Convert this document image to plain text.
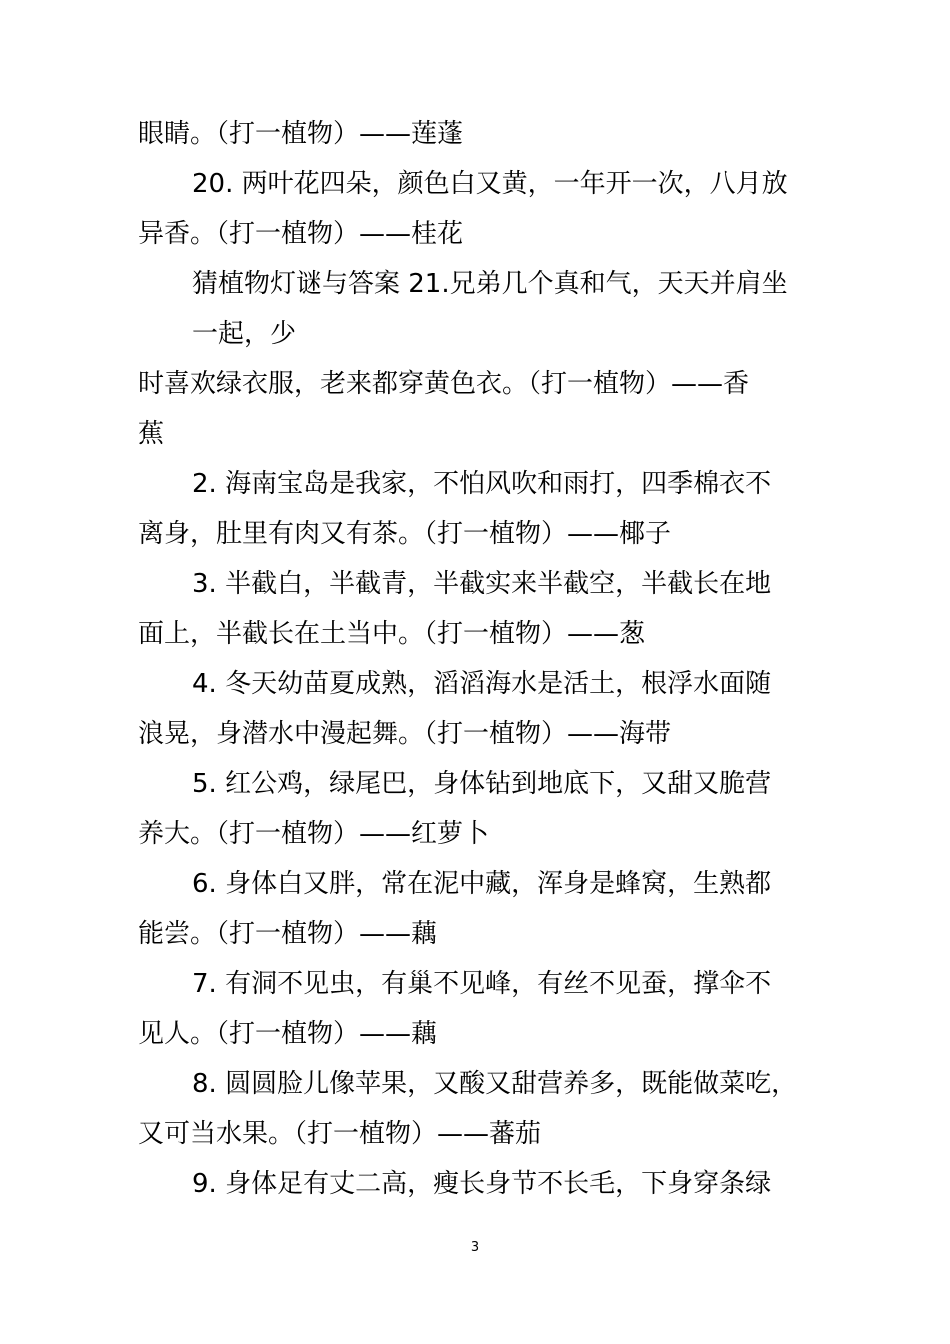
眼睛。（打一植物）——莲蓬
20. 两叶花四朵，颜色白又黄，一年开一次，八月放
异香。（打一植物）——桂花
猜植物灯谜与答案 21.兄弟几个真和气，天天并肩坐
一起，少
时喜欢绿衣服，老来都穿黄色衣。（打一植物）——香
蕉
2. 海南宝岛是我家，不怕风吹和雨打，四季棉衣不
离身，肚里有肉又有茶。（打一植物）——椰子
3. 半截白，半截青，半截实来半截空，半截长在地
面上，半截长在土当中。（打一植物）——葱
4. 冬天幼苗夏成熟，滔滔海水是活土，根浮水面随
浪晃，身潜水中漫起舞。（打一植物）——海带
5. 红公鸡，绿尾巴，身体钻到地底下，又甜又脆营
养大。（打一植物）——红萝卜
6. 身体白又胖，常在泥中藏，浑身是蜂窝，生熟都
能尝。（打一植物）——藕
7. 有洞不见虫，有巢不见峰，有丝不见蚕，撑伞不
见人。（打一植物）——藕
8. 圆圆脸儿像苹果，又酸又甜营养多，既能做菜吃，
又可当水果。（打一植物）——蕃茄
9. 身体足有丈二高，瘦长身节不长毛，下身穿条绿
3
